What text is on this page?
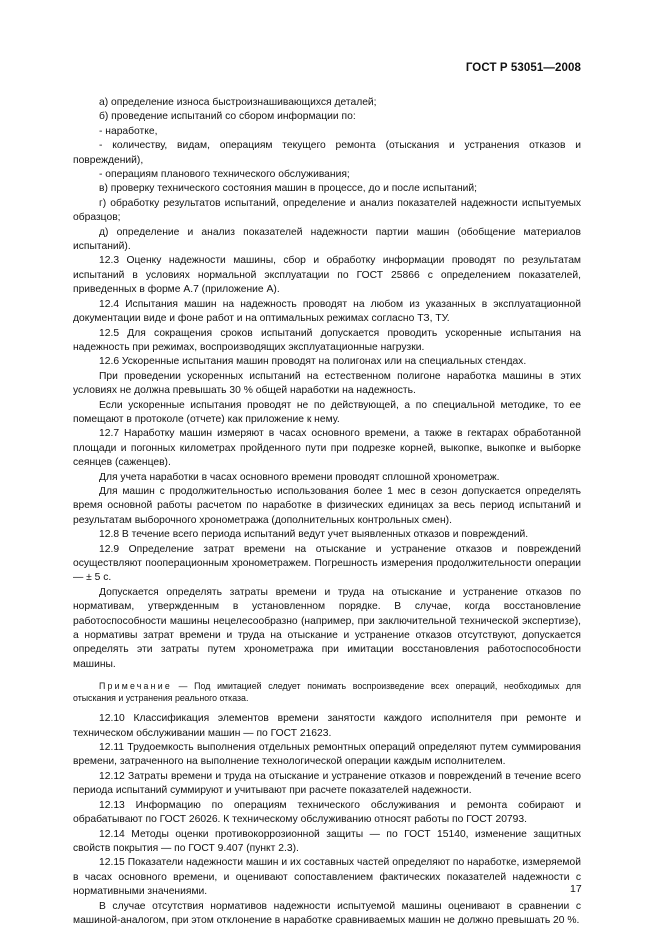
ГОСТ Р 53051—2008

а) определение износа быстроизнашивающихся деталей;

б) проведение испытаний со сбором информации по:

- наработке,

- количеству, видам, операциям текущего ремонта (отыскания и устранения отказов и повреждений),

- операциям планового технического обслуживания;

в) проверку технического состояния машин в процессе, до и после испытаний;

г) обработку результатов испытаний, определение и анализ показателей надежности испытуемых образцов;

д) определение и анализ показателей надежности партии машин (обобщение материалов испытаний).

12.3 Оценку надежности машины, сбор и обработку информации проводят по результатам испытаний в условиях нормальной эксплуатации по ГОСТ 25866 с определением показателей, приведенных в форме А.7 (приложение А).

12.4 Испытания машин на надежность проводят на любом из указанных в эксплуатационной документации виде и фоне работ и на оптимальных режимах согласно ТЗ, ТУ.

12.5 Для сокращения сроков испытаний допускается проводить ускоренные испытания на надежность при режимах, воспроизводящих эксплуатационные нагрузки.

12.6 Ускоренные испытания машин проводят на полигонах или на специальных стендах.

При проведении ускоренных испытаний на естественном полигоне наработка машины в этих условиях не должна превышать 30 % общей наработки на надежность.

Если ускоренные испытания проводят не по действующей, а по специальной методике, то ее помещают в протоколе (отчете) как приложение к нему.

12.7 Наработку машин измеряют в часах основного времени, а также в гектарах обработанной площади и погонных километрах пройденного пути при подрезке корней, выкопке, выкопке и выборке сеянцев (саженцев).

Для учета наработки в часах основного времени проводят сплошной хронометраж.

Для машин с продолжительностью использования более 1 мес в сезон допускается определять время основной работы расчетом по наработке в физических единицах за весь период испытаний и результатам выборочного хронометража (дополнительных контрольных смен).

12.8 В течение всего периода испытаний ведут учет выявленных отказов и повреждений.

12.9 Определение затрат времени на отыскание и устранение отказов и повреждений осуществляют пооперационным хронометражем. Погрешность измерения продолжительности операции — ± 5 с.

Допускается определять затраты времени и труда на отыскание и устранение отказов по нормативам, утвержденным в установленном порядке. В случае, когда восстановление работоспособности машины нецелесообразно (например, при заключительной технической экспертизе), а нормативы затрат времени и труда на отыскание и устранение отказов отсутствуют, допускается определять эти затраты путем хронометража при имитации восстановления работоспособности машины.

Примечание — Под имитацией следует понимать воспроизведение всех операций, необходимых для отыскания и устранения реального отказа.

12.10 Классификация элементов времени занятости каждого исполнителя при ремонте и техническом обслуживании машин — по ГОСТ 21623.

12.11 Трудоемкость выполнения отдельных ремонтных операций определяют путем суммирования времени, затраченного на выполнение технологической операции каждым исполнителем.

12.12 Затраты времени и труда на отыскание и устранение отказов и повреждений в течение всего периода испытаний суммируют и учитывают при расчете показателей надежности.

12.13 Информацию по операциям технического обслуживания и ремонта собирают и обрабатывают по ГОСТ 26026. К техническому обслуживанию относят работы по ГОСТ 20793.

12.14 Методы оценки противокоррозионной защиты — по ГОСТ 15140, изменение защитных свойств покрытия — по ГОСТ 9.407 (пункт 2.3).

12.15 Показатели надежности машин и их составных частей определяют по наработке, измеряемой в часах основного времени, и оценивают сопоставлением фактических показателей надежности с нормативными значениями.

В случае отсутствия нормативов надежности испытуемой машины оценивают в сравнении с машиной-аналогом, при этом отклонение в наработке сравниваемых машин не должно превышать 20 %.

17
